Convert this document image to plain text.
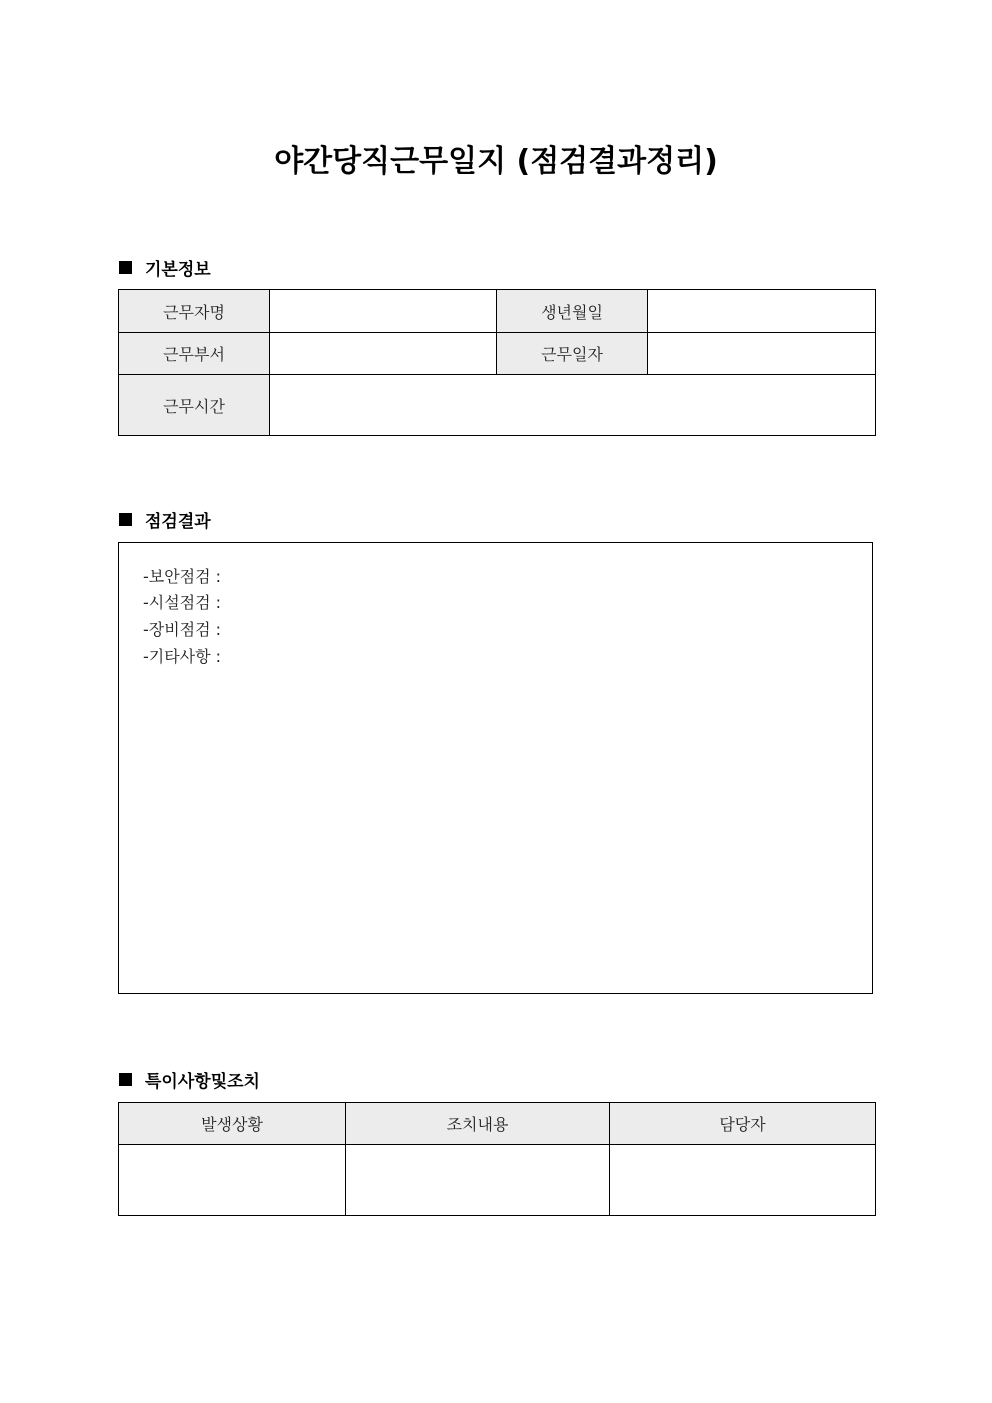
야간당직근무일지 (점검결과정리)
기본정보
근무자명		생년월일	
근무부서		근무일자	
근무시간			
점검결과
-보안점검 :
-시설점검 :
-장비점검 :
-기타사항 :
특이사항및조치
발생상황	조치내용	담당자
